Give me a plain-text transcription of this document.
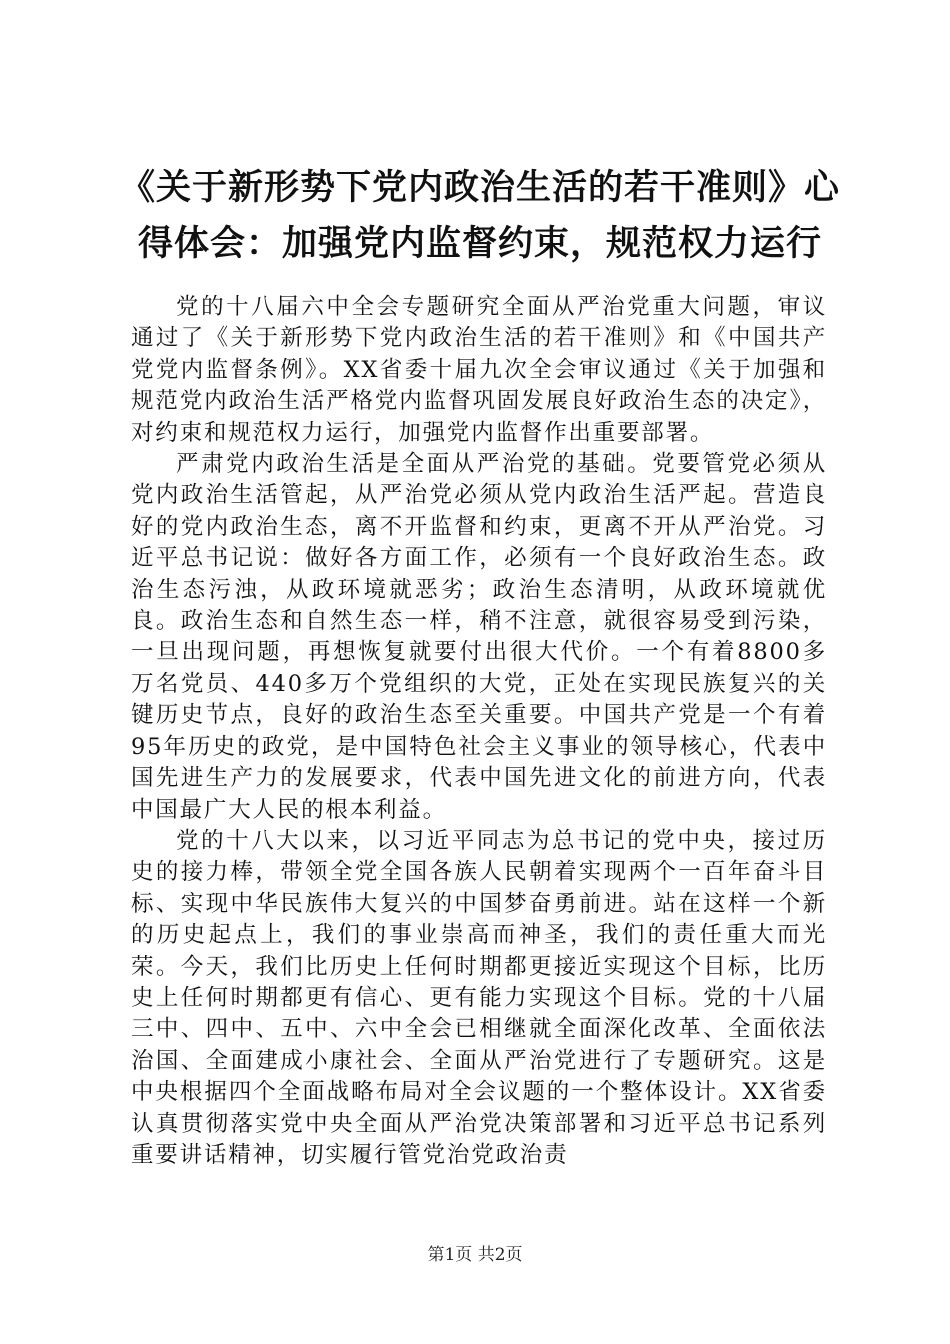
《关于新形势下党内政治生活的若干准则》心得体会：加强党内监督约束，规范权力运行

党的十八届六中全会专题研究全面从严治党重大问题，审议通过了《关于新形势下党内政治生活的若干准则》和《中国共产党党内监督条例》。XX省委十届九次全会审议通过《关于加强和规范党内政治生活严格党内监督巩固发展良好政治生态的决定》，对约束和规范权力运行，加强党内监督作出重要部署。

严肃党内政治生活是全面从严治党的基础。党要管党必须从党内政治生活管起，从严治党必须从党内政治生活严起。营造良好的党内政治生态，离不开监督和约束，更离不开从严治党。习近平总书记说：做好各方面工作，必须有一个良好政治生态。政治生态污浊，从政环境就恶劣；政治生态清明，从政环境就优良。政治生态和自然生态一样，稍不注意，就很容易受到污染，一旦出现问题，再想恢复就要付出很大代价。一个有着8800多万名党员、440多万个党组织的大党，正处在实现民族复兴的关键历史节点，良好的政治生态至关重要。中国共产党是一个有着95年历史的政党，是中国特色社会主义事业的领导核心，代表中国先进生产力的发展要求，代表中国先进文化的前进方向，代表中国最广大人民的根本利益。

党的十八大以来，以习近平同志为总书记的党中央，接过历史的接力棒，带领全党全国各族人民朝着实现两个一百年奋斗目标、实现中华民族伟大复兴的中国梦奋勇前进。站在这样一个新的历史起点上，我们的事业崇高而神圣，我们的责任重大而光荣。今天，我们比历史上任何时期都更接近实现这个目标，比历史上任何时期都更有信心、更有能力实现这个目标。党的十八届三中、四中、五中、六中全会已相继就全面深化改革、全面依法治国、全面建成小康社会、全面从严治党进行了专题研究。这是中央根据四个全面战略布局对全会议题的一个整体设计。XX省委认真贯彻落实党中央全面从严治党决策部署和习近平总书记系列重要讲话精神，切实履行管党治党政治责

第1页 共2页
